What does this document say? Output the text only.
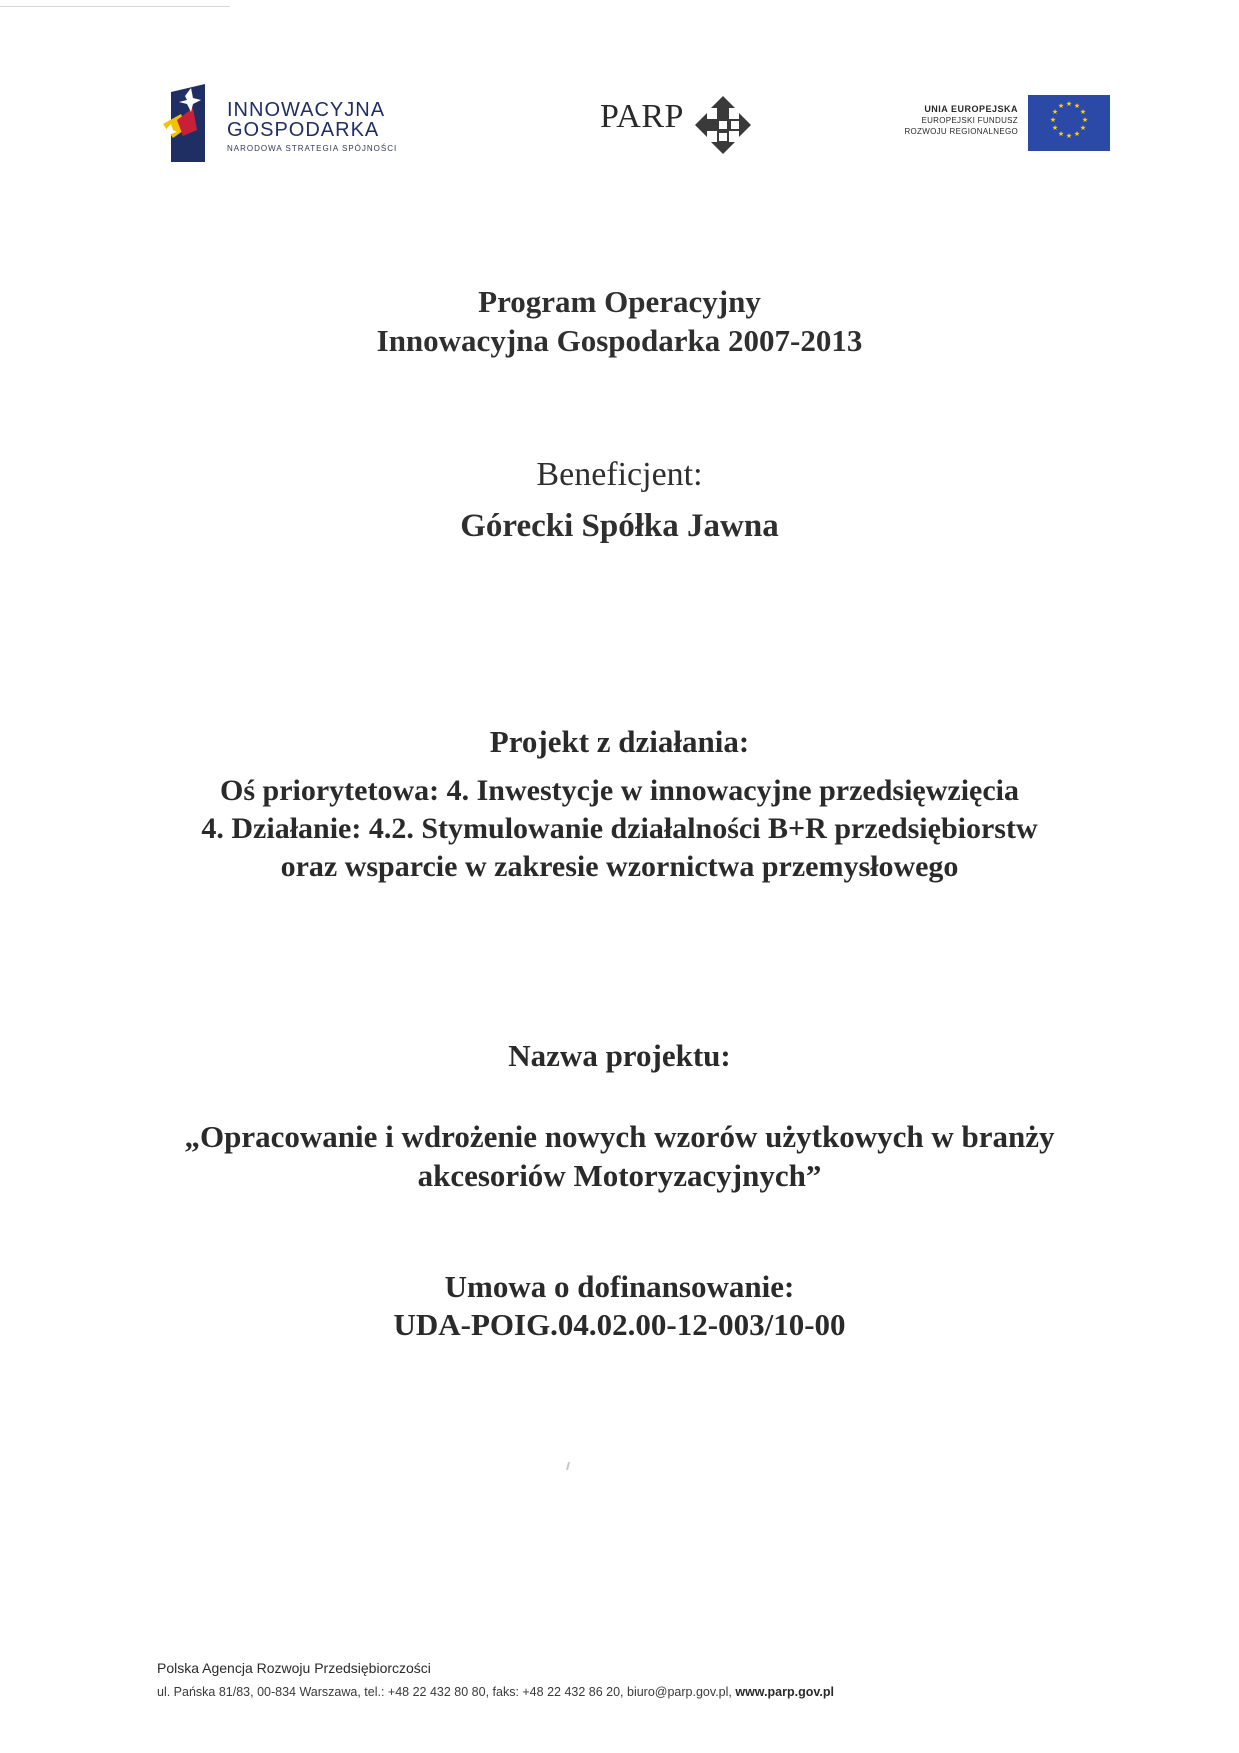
INNOWACYJNA
GOSPODARKA
NARODOWA STRATEGIA SPÓJNOŚCI
PARP	UNIA EUROPEJSKA
EUROPEJSKI FUNDUSZ
ROZWOJU REGIONALNEGO
★ ★
★
★
★
★
★
★
★
★
★
★

Program Operacyjny
Innowacyjna Gospodarka 2007-2013

Beneficjent:

Górecki Spółka Jawna

Projekt z działania:

Oś priorytetowa: 4. Inwestycje w innowacyjne przedsięwzięcia
4. Działanie: 4.2. Stymulowanie działalności B+R przedsiębiorstw
oraz wsparcie w zakresie wzornictwa przemysłowego

Nazwa projektu:

„Opracowanie i wdrożenie nowych wzorów użytkowych w branży
akcesoriów Motoryzacyjnych”

Umowa o dofinansowanie:
UDA-POIG.04.02.00-12-003/10-00

Polska Agencja Rozwoju Przedsiębiorczości
ul. Pańska 81/83, 00-834 Warszawa, tel.: +48 22 432 80 80, faks: +48 22 432 86 20, biuro@parp.gov.pl, www.parp.gov.pl
